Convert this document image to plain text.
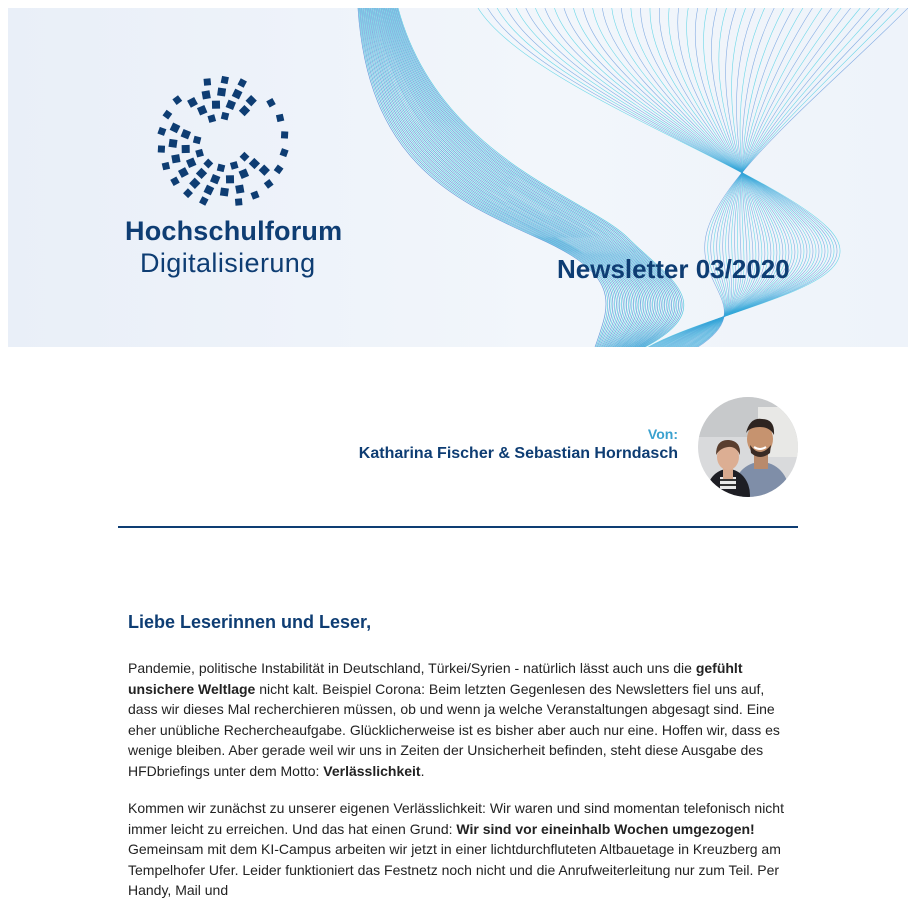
Hochschulforum
Digitalisierung	Newsletter 03/2020
Von:
Katharina Fischer & Sebastian Horndasch
Liebe Leserinnen und Leser,
Pandemie, politische Instabilität in Deutschland, Türkei/Syrien - natürlich lässt auch uns die gefühlt unsichere Weltlage nicht kalt. Beispiel Corona: Beim letzten Gegenlesen des Newsletters fiel uns auf, dass wir dieses Mal recherchieren müssen, ob und wenn ja welche Veranstaltungen abgesagt sind. Eine eher unübliche Rechercheaufgabe. Glücklicherweise ist es bisher aber auch nur eine. Hoffen wir, dass es wenige bleiben. Aber gerade weil wir uns in Zeiten der Unsicherheit befinden, steht diese Ausgabe des HFDbriefings unter dem Motto: Verlässlichkeit.
Kommen wir zunächst zu unserer eigenen Verlässlichkeit: Wir waren und sind momentan telefonisch nicht immer leicht zu erreichen. Und das hat einen Grund: Wir sind vor eineinhalb Wochen umgezogen! Gemeinsam mit dem KI-Campus arbeiten wir jetzt in einer lichtdurchfluteten Altbauetage in Kreuzberg am Tempelhofer Ufer. Leider funktioniert das Festnetz noch nicht und die Anrufweiterleitung nur zum Teil. Per Handy, Mail und
